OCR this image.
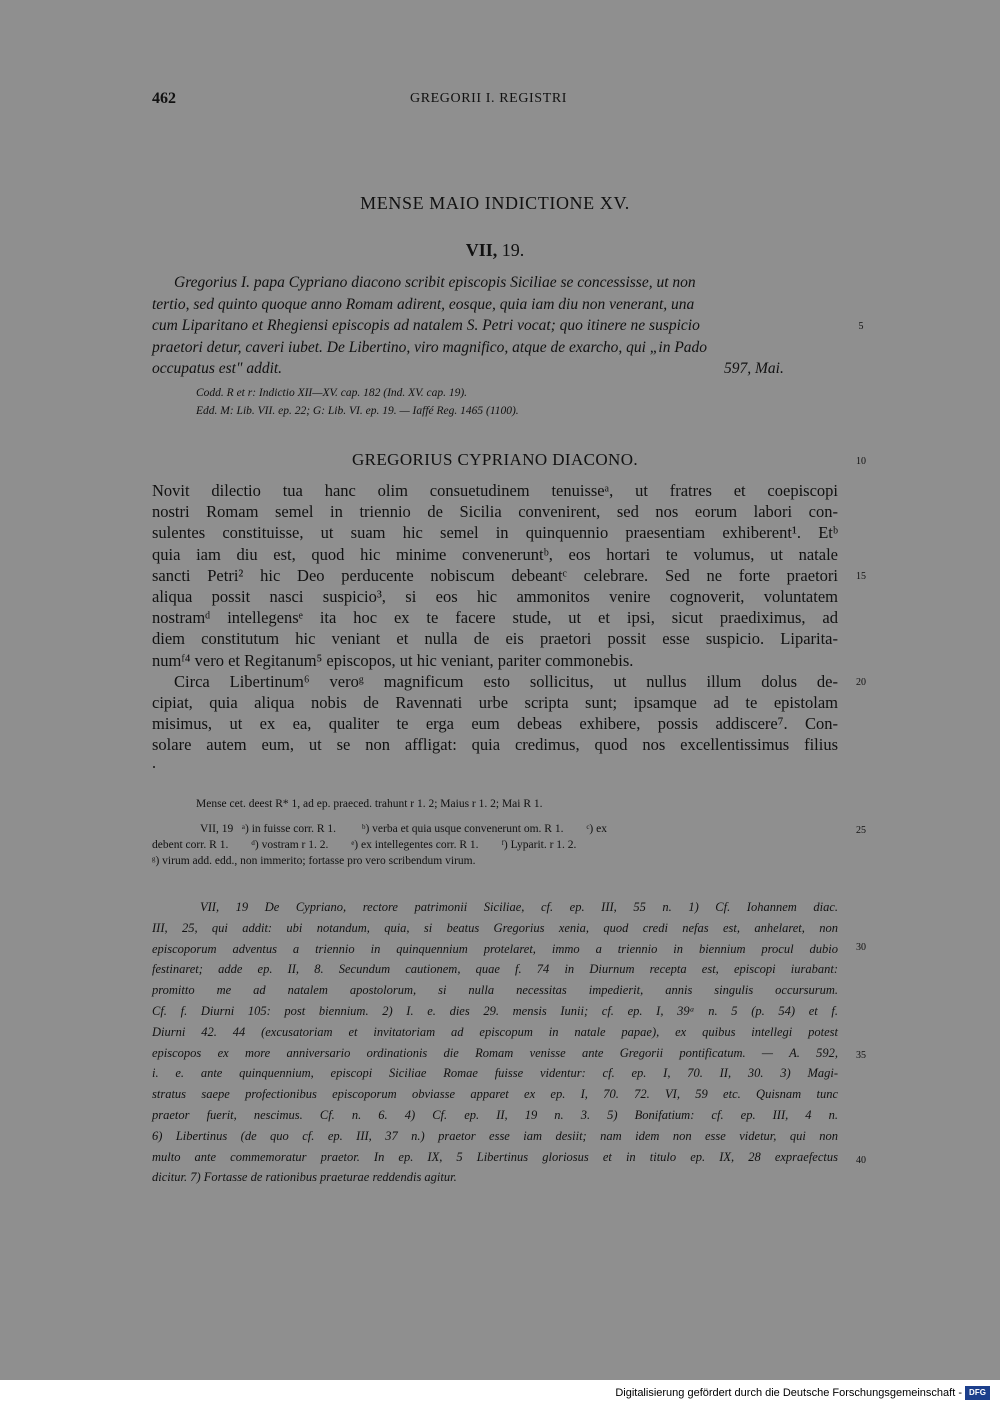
462	GREGORII I. REGISTRI
MENSE MAIO INDICTIONE XV.
VII, 19.
Gregorius I. papa Cypriano diacono scribit episcopis Siciliae se concessisse, ut non
tertio, sed quinto quoque anno Romam adirent, eosque, quia iam diu non venerant, una
cum Liparitano et Rhegiensi episcopis ad natalem S. Petri vocat; quo itinere ne suspicio
praetori detur, caveri iubet. De Libertino, viro magnifico, atque de exarcho, qui „in Pado
occupatus est" addit.	597, Mai.
Codd. R et r: Indictio XII—XV. cap. 182 (Ind. XV. cap. 19).
Edd. M: Lib. VII. ep. 22; G: Lib. VI. ep. 19. — Iaffé Reg. 1465 (1100).
GREGORIUS CYPRIANO DIACONO.
Novit dilectio tua hanc olim consuetudinem tenuisseᵃ, ut fratres et coepiscopi
nostri Romam semel in triennio de Sicilia convenirent, sed nos eorum labori con-
sulentes constituisse, ut suam hic semel in quinquennio praesentiam exhiberent¹. Etᵇ
quia iam diu est, quod hic minime conveneruntᵇ, eos hortari te volumus, ut natale
sancti Petri² hic Deo perducente nobiscum debeantᶜ celebrare. Sed ne forte praetori
aliqua possit nasci suspicio³, si eos hic ammonitos venire cognoverit, voluntatem
nostramᵈ intellegensᵉ ita hoc ex te facere stude, ut et ipsi, sicut praediximus, ad
diem constitutum hic veniant et nulla de eis praetori possit esse suspicio. Liparita-
numᶠ⁴ vero et Regitanum⁵ episcopos, ut hic veniant, pariter commonebis.
Circa Libertinum⁶ veroᵍ magnificum esto sollicitus, ut nullus illum dolus de-
cipiat, quia aliqua nobis de Ravennati urbe scripta sunt; ipsamque ad te epistolam
misimus, ut ex ea, qualiter te erga eum debeas exhibere, possis addiscere⁷. Con-
solare autem eum, ut se non affligat: quia credimus, quod nos excellentissimus filius
Mense cet. deest R* 1, ad ep. praeced. trahunt r 1. 2; Maius r 1. 2; Mai R 1.
VII, 19   ᵃ) in fuisse corr. R 1.         ᵇ) verba et quia usque convenerunt om. R 1.        ᶜ) ex
debent corr. R 1.        ᵈ) vostram r 1. 2.        ᵉ) ex intellegentes corr. R 1.        ᶠ) Lyparit. r 1. 2.
ᵍ) virum add. edd., non immerito; fortasse pro vero scribendum virum.
VII, 19 De Cypriano, rectore patrimonii Siciliae, cf. ep. III, 55 n. 1) Cf. Iohannem diac.
III, 25, qui addit: ubi notandum, quia, si beatus Gregorius xenia, quod credi nefas est, anhelaret, non
episcoporum adventus a triennio in quinquennium protelaret, immo a triennio in biennium procul dubio
festinaret; adde ep. II, 8. Secundum cautionem, quae f. 74 in Diurnum recepta est, episcopi iurabant:
promitto me ad natalem apostolorum, si nulla necessitas impedierit, annis singulis occursurum.
Cf. f. Diurni 105: post biennium. 2) I. e. dies 29. mensis Iunii; cf. ep. I, 39ᵃ n. 5 (p. 54) et f.
Diurni 42. 44 (excusatoriam et invitatoriam ad episcopum in natale papae), ex quibus intellegi potest
episcopos ex more anniversario ordinationis die Romam venisse ante Gregorii pontificatum. — A. 592,
i. e. ante quinquennium, episcopi Siciliae Romae fuisse videntur: cf. ep. I, 70. II, 30. 3) Magi-
stratus saepe profectionibus episcoporum obviasse apparet ex ep. I, 70. 72. VI, 59 etc. Quisnam tunc
praetor fuerit, nescimus. Cf. n. 6. 4) Cf. ep. II, 19 n. 3. 5) Bonifatium: cf. ep. III, 4 n.
6) Libertinus (de quo cf. ep. III, 37 n.) praetor esse iam desiit; nam idem non esse videtur, qui non
multo ante commemoratur praetor. In ep. IX, 5 Libertinus gloriosus et in titulo ep. IX, 28 expraefectus
dicitur. 7) Fortasse de rationibus praeturae reddendis agitur.
5
10
15
20
25
30
35
40
Digitalisierung gefördert durch die Deutsche Forschungsgemeinschaft - DFG
